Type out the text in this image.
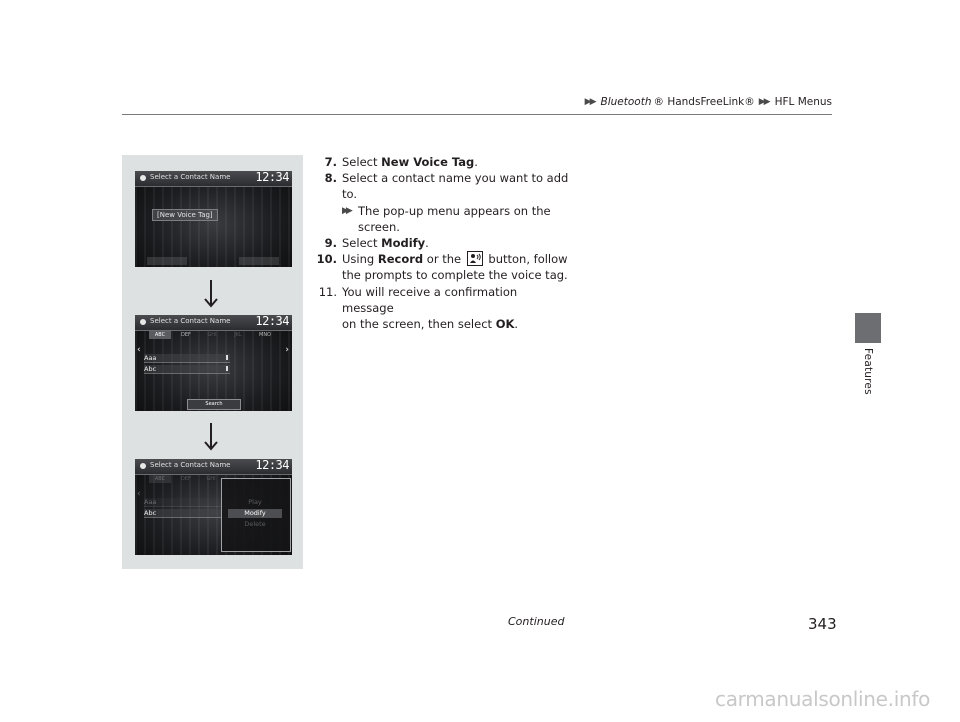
▶▶ Bluetooth ® HandsFreeLink® ▶▶ HFL Menus
Features
Select a Contact Name 12:34
[New Voice Tag]
Select a Contact Name 12:34
‹
ABC	DEF	GHI	JKL	MNO
›
Aaa
Abc
Search
Select a Contact Name 12:34
‹
ABC	DEF	GHI
Aaa
Abc
Play
Modify
Delete
7. Select New Voice Tag.
8. Select a contact name you want to add to.
▶▶ The pop-up menu appears on the
screen.
9. Select Modify.
10. Using Record or the  button, follow
the prompts to complete the voice tag.
11. You will receive a confirmation message
on the screen, then select OK.
Continued	343
carmanualsonline.info
